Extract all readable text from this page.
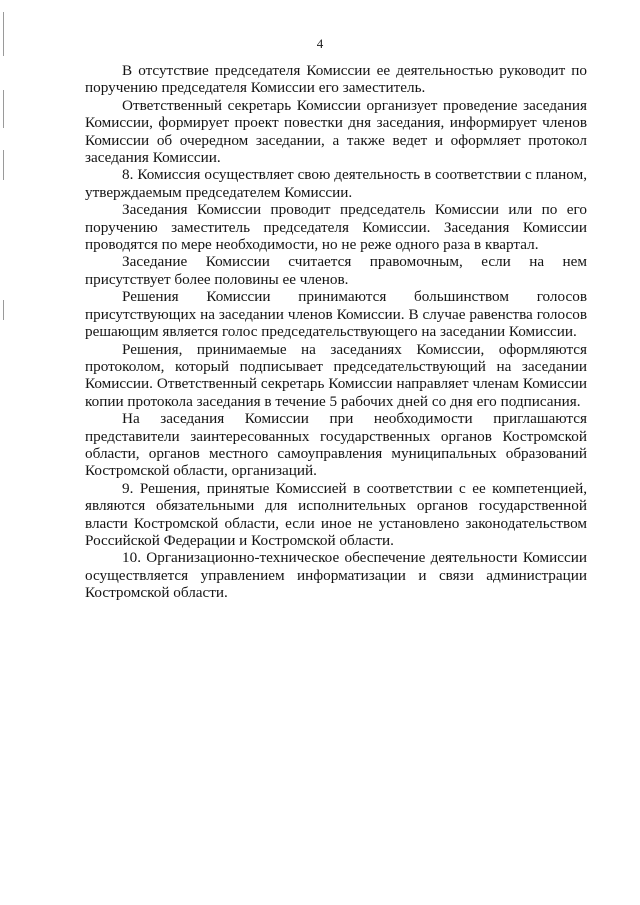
4

В отсутствие председателя Комиссии ее деятельностью руководит по поручению председателя Комиссии его заместитель.

Ответственный секретарь Комиссии организует проведение заседания Комиссии, формирует проект повестки дня заседания, информирует членов Комиссии об очередном заседании, а также ведет и оформляет протокол заседания Комиссии.

8. Комиссия осуществляет свою деятельность в соответствии с планом, утверждаемым председателем Комиссии.

Заседания Комиссии проводит председатель Комиссии или по его поручению заместитель председателя Комиссии. Заседания Комиссии проводятся по мере необходимости, но не реже одного раза в квартал.

Заседание Комиссии считается правомочным, если на нем присутствует более половины ее членов.

Решения Комиссии принимаются большинством голосов присутствующих на заседании членов Комиссии. В случае равенства голосов решающим является голос председательствующего на заседании Комиссии.

Решения, принимаемые на заседаниях Комиссии, оформляются протоколом, который подписывает председательствующий на заседании Комиссии. Ответственный секретарь Комиссии направляет членам Комиссии копии протокола заседания в течение 5 рабочих дней со дня его подписания.

На заседания Комиссии при необходимости приглашаются представители заинтересованных государственных органов Костромской области, органов местного самоуправления муниципальных образований Костромской области, организаций.

9. Решения, принятые Комиссией в соответствии с ее компетенцией, являются обязательными для исполнительных органов государственной власти Костромской области, если иное не установлено законодательством Российской Федерации и Костромской области.

10. Организационно-техническое обеспечение деятельности Комиссии осуществляется управлением информатизации и связи администрации Костромской области.
